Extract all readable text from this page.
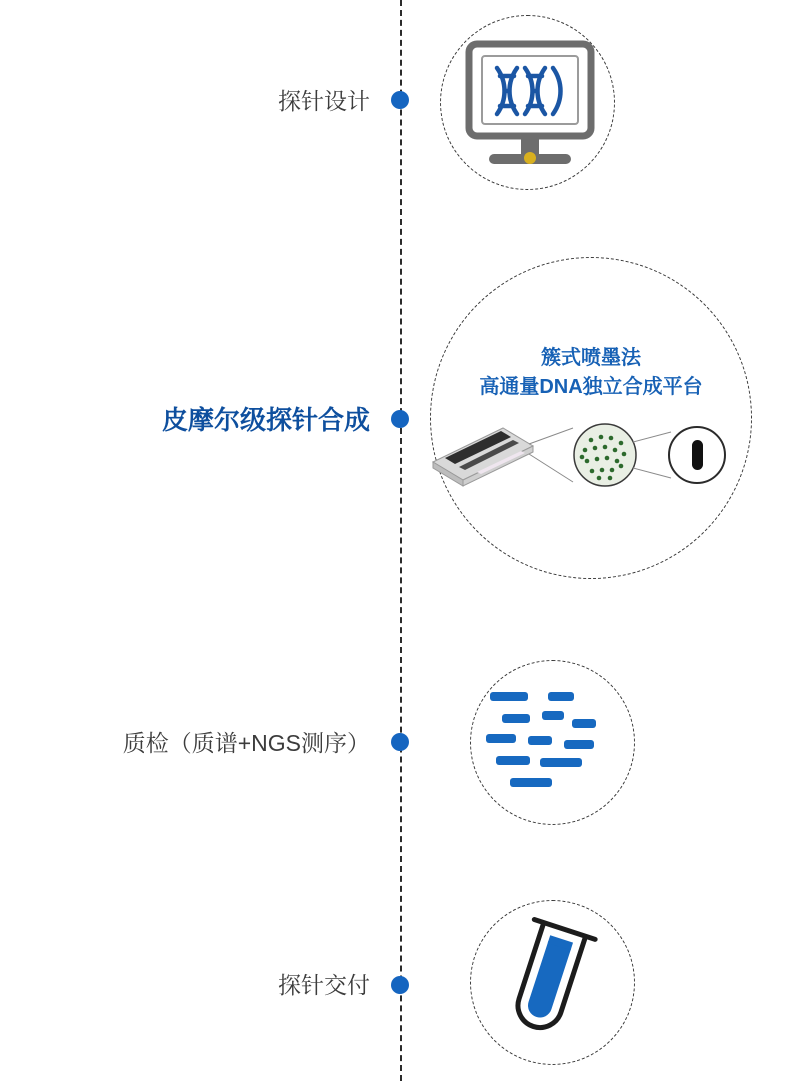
探针设计
皮摩尔级探针合成
簇式喷墨法
高通量DNA独立合成平台
质检（质谱+NGS测序）
探针交付
